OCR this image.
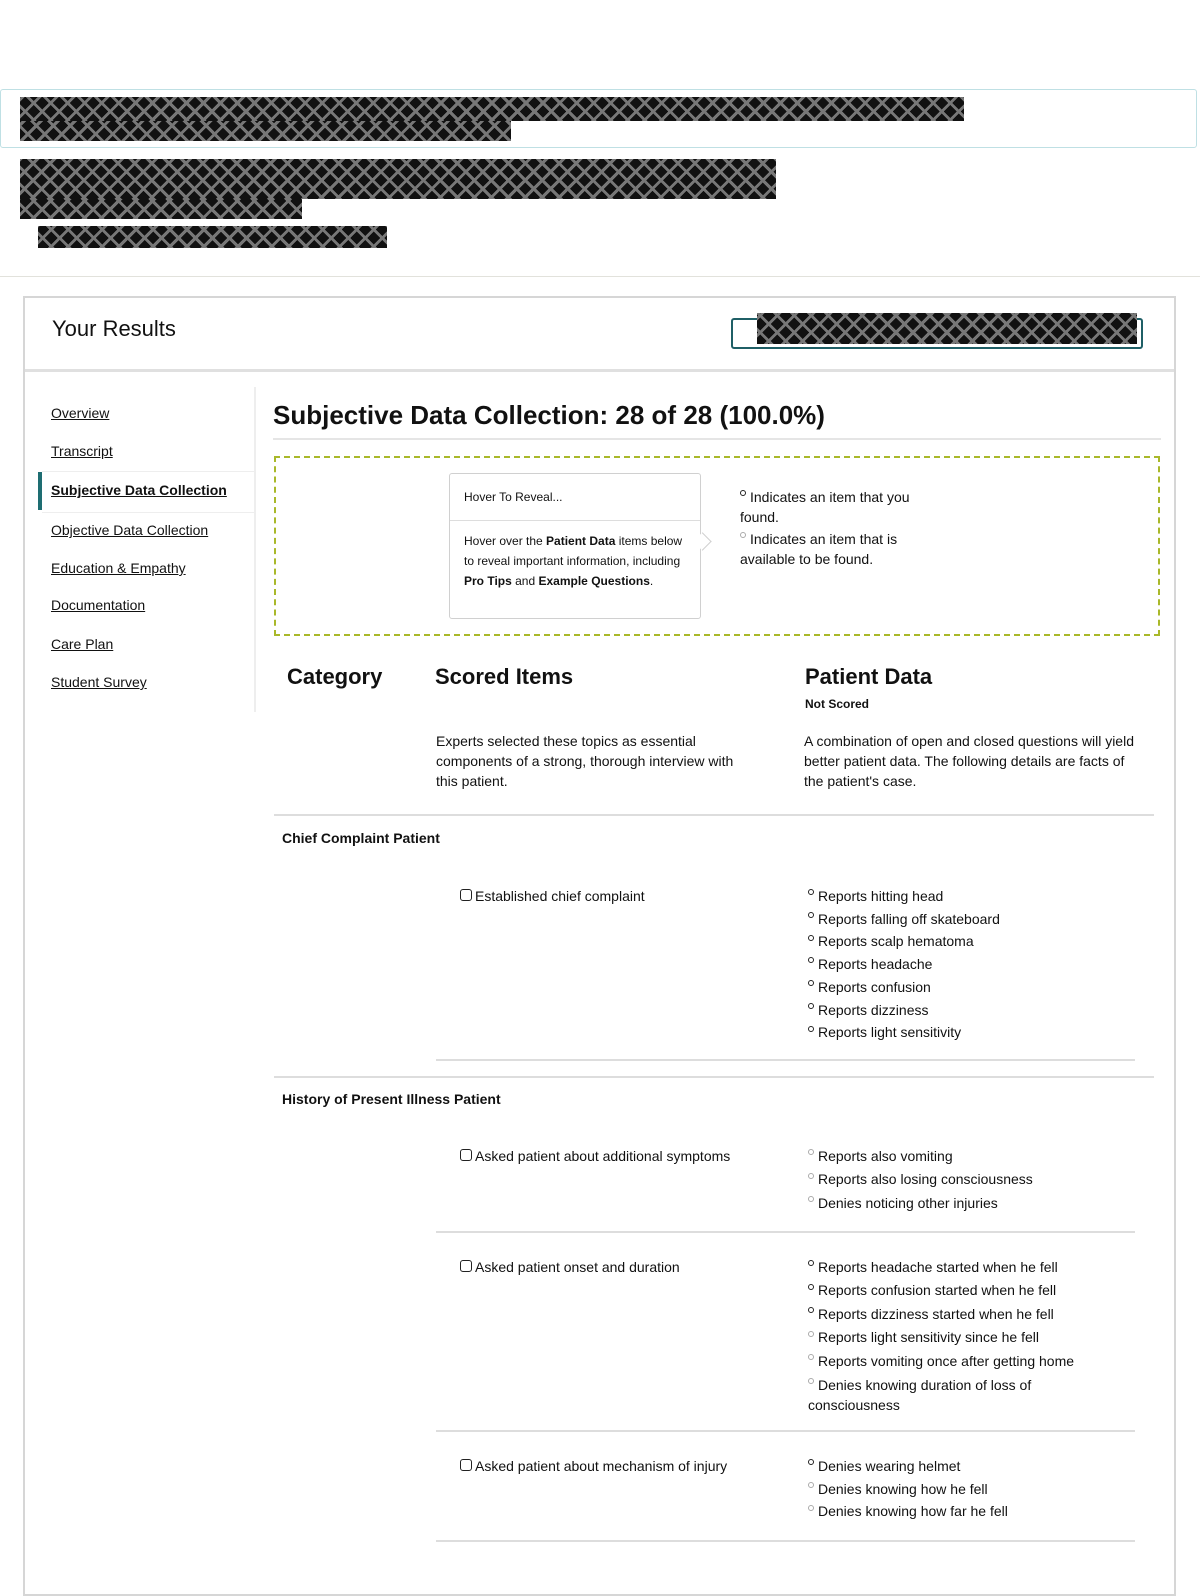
Your Results
Overview
Transcript
Subjective Data Collection
Objective Data Collection
Education & Empathy
Documentation
Care Plan
Student Survey
Subjective Data Collection: 28 of 28 (100.0%)
Hover To Reveal...
Hover over the Patient Data items below to reveal important information, including Pro Tips and Example Questions.
Indicates an item that you found.
Indicates an item that is available to be found.
Category Scored Items	Patient Data
Not Scored
Experts selected these topics as essential components of a strong, thorough interview with this patient.
A combination of open and closed questions will yield better patient data. The following details are facts of the patient's case.
Chief Complaint Patient
Established chief complaint	Reports hitting head
Reports falling off skateboard
Reports scalp hematoma
Reports headache
Reports confusion
Reports dizziness
Reports light sensitivity
History of Present Illness Patient
Asked patient about additional symptoms	Reports also vomiting
Reports also losing consciousness
Denies noticing other injuries
Asked patient onset and duration	Reports headache started when he fell
Reports confusion started when he fell
Reports dizziness started when he fell
Reports light sensitivity since he fell
Reports vomiting once after getting home
Denies knowing duration of loss of consciousness
Asked patient about mechanism of injury	Denies wearing helmet
Denies knowing how he fell
Denies knowing how far he fell
